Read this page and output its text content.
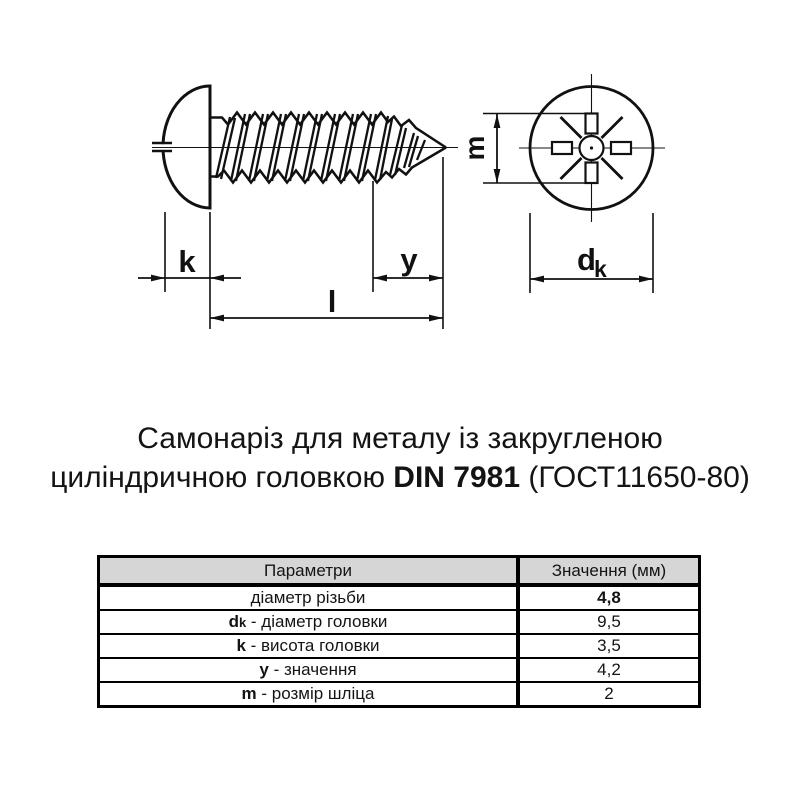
k	y
l
m
d
k
Самонаріз для металу із закругленою
циліндричною головкою DIN 7981 (ГОСТ11650-80)
Параметри	Значення (мм)
діаметр різьби	4,8
dk - діаметр головки	9,5
k - висота головки	3,5
y - значення	4,2
m - розмір шліца	2
